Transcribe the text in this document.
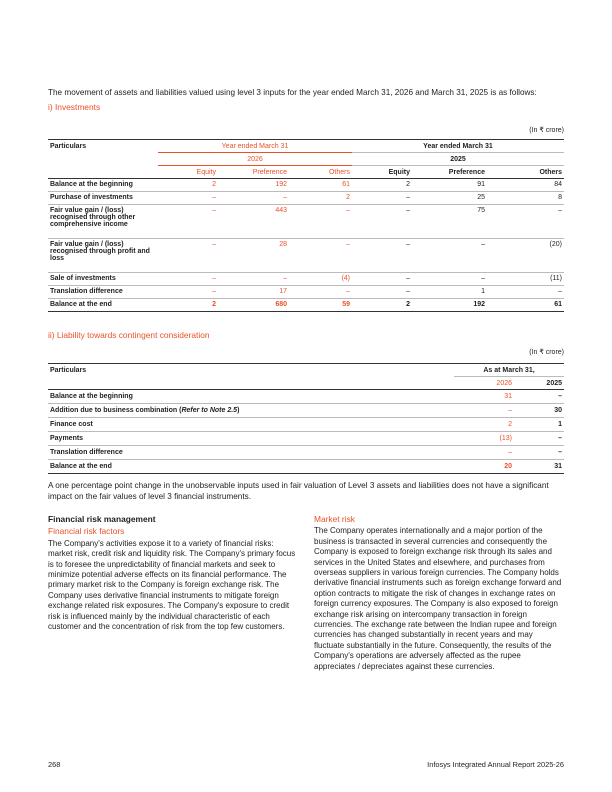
The movement of assets and liabilities valued using level 3 inputs for the year ended March 31, 2026 and March 31, 2025 is as follows:
i) Investments
(In ₹ crore)
Particulars	Year ended March 31			Year ended March 31		
	2026			2025		
	Equity	Preference	Others	Equity	Preference	Others
Balance at the beginning	2	192	61	2	91	84
Purchase of investments	–	–	2	–	25	8
Fair value gain / (loss) recognised through other comprehensive income	–	443	–	–	75	–
Fair value gain / (loss) recognised through profit and loss	–	28	–	–	–	(20)
Sale of investments	–	–	(4)	–	–	(11)
Translation difference	–	17	–	–	1	–
Balance at the end	2	680	59	2	192	61
ii) Liability towards contingent consideration
(In ₹ crore)
Particulars	As at March 31,	
	2026	2025
Balance at the beginning	31	–
Addition due to business combination (Refer to Note 2.5)	–	30
Finance cost	2	1
Payments	(13)	–
Translation difference	–	–
Balance at the end	20	31
A one percentage point change in the unobservable inputs used in fair valuation of Level 3 assets and liabilities does not have a significant impact on the fair values of level 3 financial instruments.
Financial risk management
Financial risk factors

The Company's activities expose it to a variety of financial risks: market risk, credit risk and liquidity risk. The Company's primary focus is to foresee the unpredictability of financial markets and seek to minimize potential adverse effects on its financial performance. The primary market risk to the Company is foreign exchange risk. The Company uses derivative financial instruments to mitigate foreign exchange related risk exposures. The Company's exposure to credit risk is influenced mainly by the individual characteristic of each customer and the concentration of risk from the top few customers.

Market risk

The Company operates internationally and a major portion of the business is transacted in several currencies and consequently the Company is exposed to foreign exchange risk through its sales and services in the United States and elsewhere, and purchases from overseas suppliers in various foreign currencies. The Company holds derivative financial instruments such as foreign exchange forward and option contracts to mitigate the risk of changes in exchange rates on foreign currency exposures. The Company is also exposed to foreign exchange risk arising on intercompany transaction in foreign currencies. The exchange rate between the Indian rupee and foreign currencies has changed substantially in recent years and may fluctuate substantially in the future. Consequently, the results of the Company's operations are adversely affected as the rupee appreciates / depreciates against these currencies.

268	Infosys Integrated Annual Report 2025-26
